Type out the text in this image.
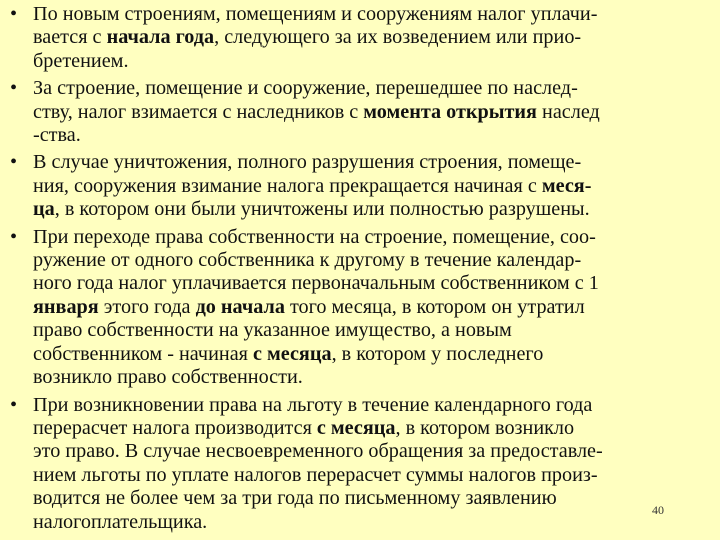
• По новым строениям, помещениям и сооружениям налог уплачи-
вается с начала года, следующего за их возведением или прио-
бретением.
• За строение, помещение и сооружение, перешедшее по наслед-
ству, налог взимается с наследников с момента открытия наслед
-ства.
• В случае уничтожения, полного разрушения строения, помеще-
ния, сооружения взимание налога прекращается начиная с меся-
ца, в котором они были уничтожены или полностью разрушены.
• При переходе права собственности на строение, помещение, соо-
ружение от одного собственника к другому в течение календар-
ного года налог уплачивается первоначальным собственником с 1
января этого года до начала того месяца, в котором он утратил
право собственности на указанное имущество, а новым
собственником - начиная с месяца, в котором у последнего
возникло право собственности.
• При возникновении права на льготу в течение календарного года
перерасчет налога производится с месяца, в котором возникло
это право. В случае несвоевременного обращения за предоставле-
нием льготы по уплате налогов перерасчет суммы налогов произ-
водится не более чем за три года по письменному заявлению
налогоплательщика.
40
